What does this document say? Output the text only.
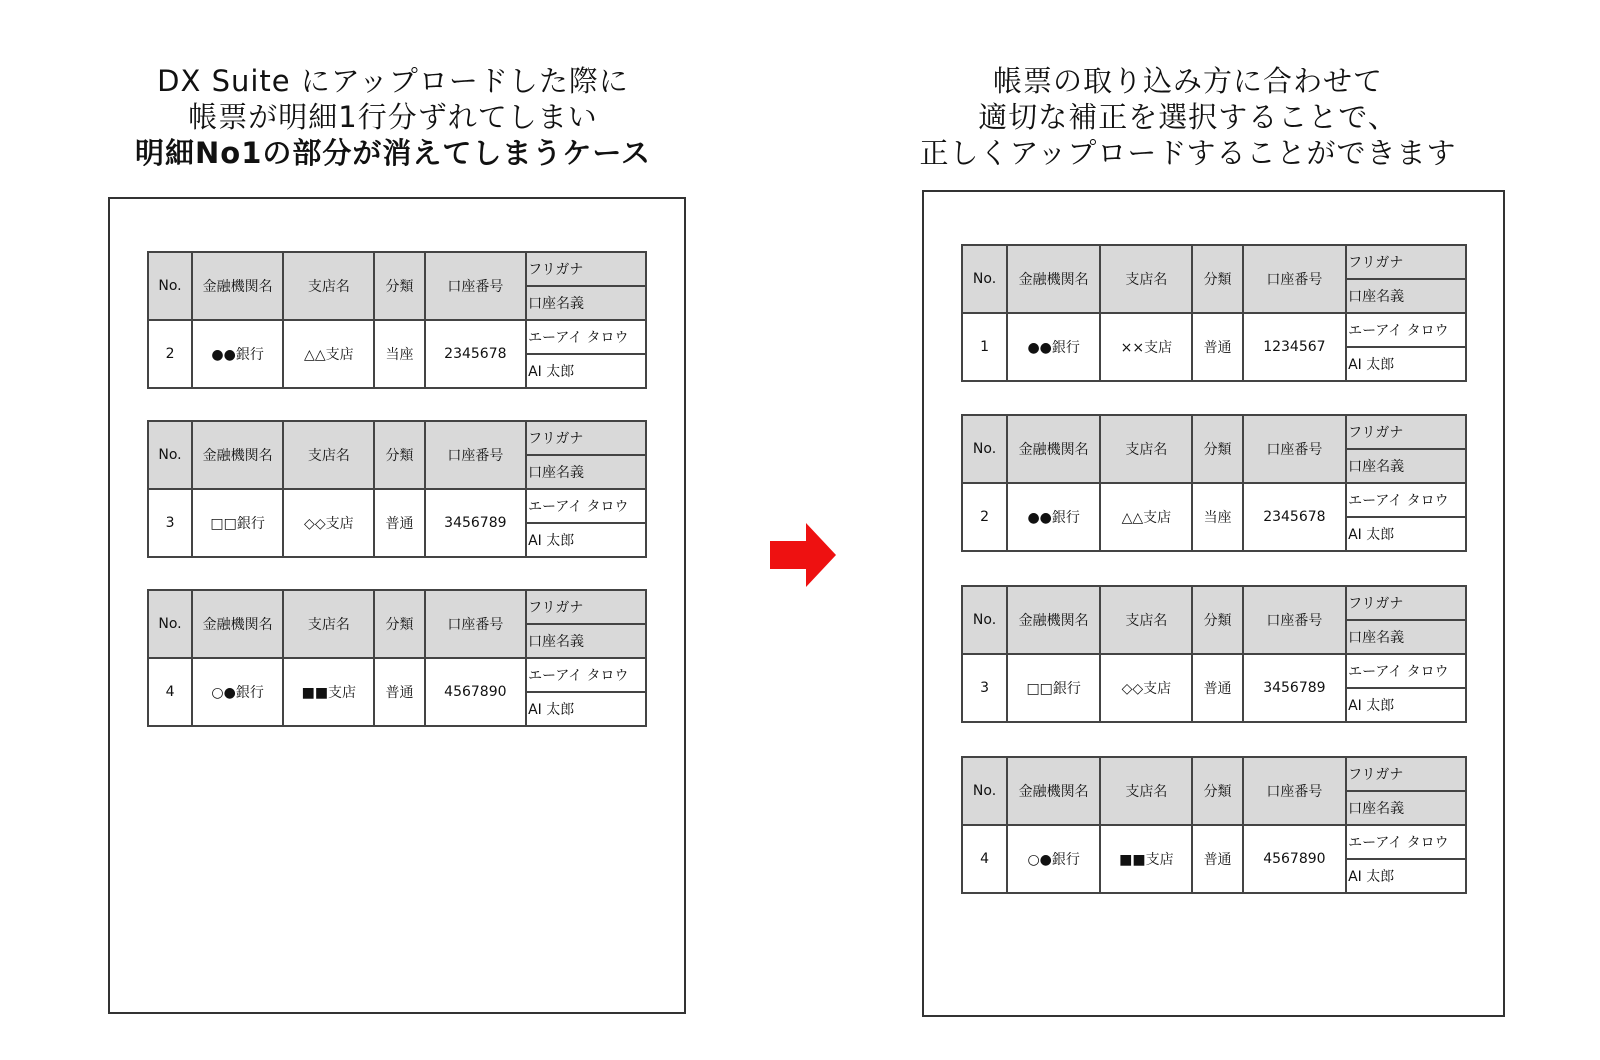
DX Suite にアップロードした際に
帳票が明細1行分ずれてしまい
明細No1の部分が消えてしまうケース
帳票の取り込み方に合わせて
適切な補正を選択することで、
正しくアップロードすることができます
No.	金融機関名	支店名	分類	口座番号	フリガナ
					口座名義
2	●●銀行	△△支店	当座	2345678	エーアイ タロウ
					AI 太郎
No.	金融機関名	支店名	分類	口座番号	フリガナ
					口座名義
3	□□銀行	◇◇支店	普通	3456789	エーアイ タロウ
					AI 太郎
No.	金融機関名	支店名	分類	口座番号	フリガナ
					口座名義
4	○●銀行	■■支店	普通	4567890	エーアイ タロウ
					AI 太郎
No.	金融機関名	支店名	分類	口座番号	フリガナ
					口座名義
1	●●銀行	××支店	普通	1234567	エーアイ タロウ
					AI 太郎
No.	金融機関名	支店名	分類	口座番号	フリガナ
					口座名義
2	●●銀行	△△支店	当座	2345678	エーアイ タロウ
					AI 太郎
No.	金融機関名	支店名	分類	口座番号	フリガナ
					口座名義
3	□□銀行	◇◇支店	普通	3456789	エーアイ タロウ
					AI 太郎
No.	金融機関名	支店名	分類	口座番号	フリガナ
					口座名義
4	○●銀行	■■支店	普通	4567890	エーアイ タロウ
					AI 太郎
